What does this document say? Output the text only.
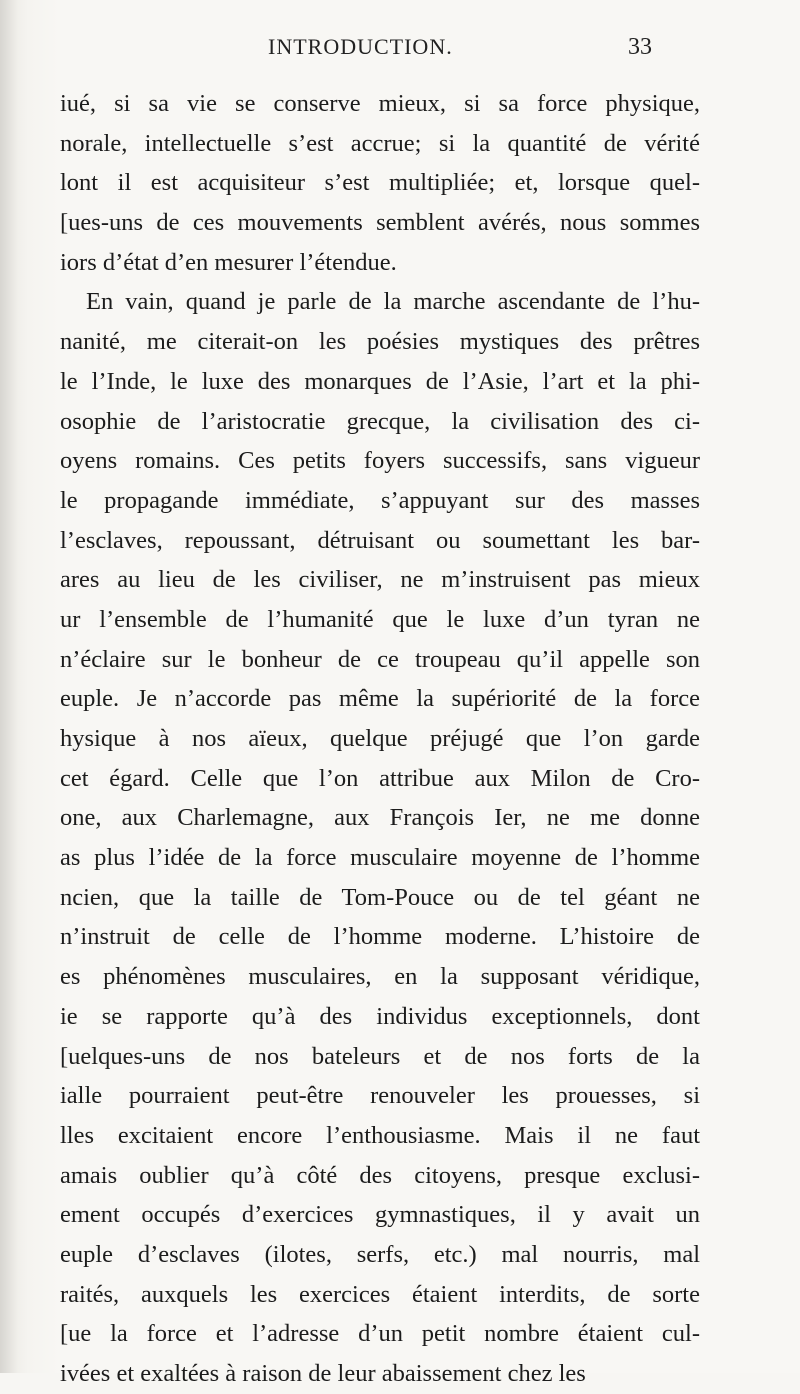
INTRODUCTION.	33
iué, si sa vie se conserve mieux, si sa force physique,
norale, intellectuelle s’est accrue; si la quantité de vérité
lont il est acquisiteur s’est multipliée; et, lorsque quel-
[ues-uns de ces mouvements semblent avérés, nous sommes
iors d’état d’en mesurer l’étendue.
En vain, quand je parle de la marche ascendante de l’hu-
nanité, me citerait-on les poésies mystiques des prêtres
le l’Inde, le luxe des monarques de l’Asie, l’art et la phi-
osophie de l’aristocratie grecque, la civilisation des ci-
oyens romains. Ces petits foyers successifs, sans vigueur
le propagande immédiate, s’appuyant sur des masses
l’esclaves, repoussant, détruisant ou soumettant les bar-
ares au lieu de les civiliser, ne m’instruisent pas mieux
ur l’ensemble de l’humanité que le luxe d’un tyran ne
n’éclaire sur le bonheur de ce troupeau qu’il appelle son
euple. Je n’accorde pas même la supériorité de la force
hysique à nos aïeux, quelque préjugé que l’on garde
cet égard. Celle que l’on attribue aux Milon de Cro-
one, aux Charlemagne, aux François Ier, ne me donne
as plus l’idée de la force musculaire moyenne de l’homme
ncien, que la taille de Tom-Pouce ou de tel géant ne
n’instruit de celle de l’homme moderne. L’histoire de
es phénomènes musculaires, en la supposant véridique,
ie se rapporte qu’à des individus exceptionnels, dont
[uelques-uns de nos bateleurs et de nos forts de la
ialle pourraient peut-être renouveler les prouesses, si
lles excitaient encore l’enthousiasme. Mais il ne faut
amais oublier qu’à côté des citoyens, presque exclusi-
ement occupés d’exercices gymnastiques, il y avait un
euple d’esclaves (ilotes, serfs, etc.) mal nourris, mal
raités, auxquels les exercices étaient interdits, de sorte
[ue la force et l’adresse d’un petit nombre étaient cul-
ivées et exaltées à raison de leur abaissement chez les
